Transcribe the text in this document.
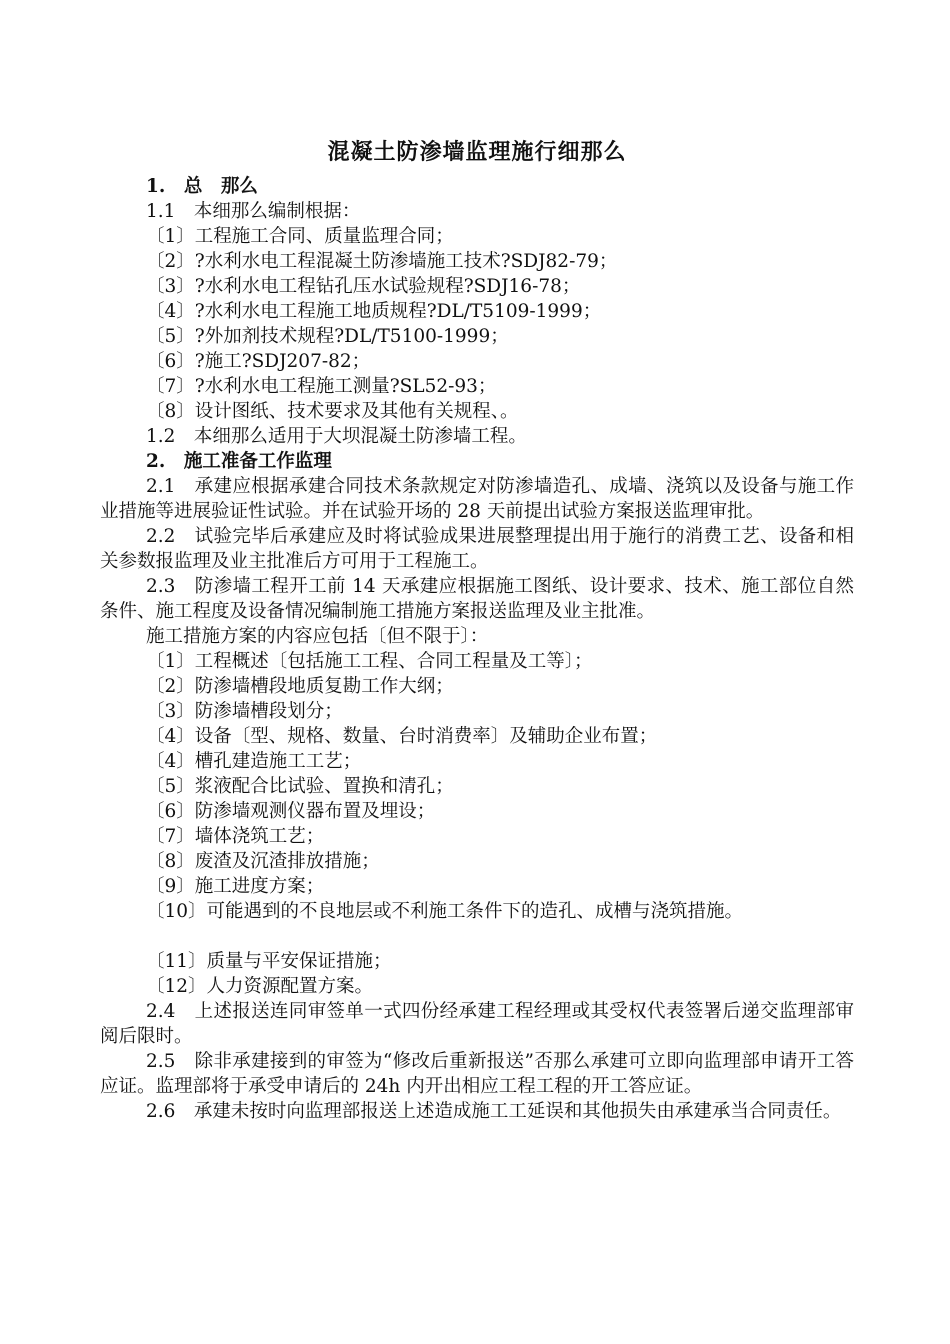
混凝土防渗墙监理施行细那么

1.　总　那么

1.1　本细那么编制根据：

〔1〕工程施工合同、质量监理合同；

〔2〕?水利水电工程混凝土防渗墙施工技术?SDJ82-79；

〔3〕?水利水电工程钻孔压水试验规程?SDJ16-78；

〔4〕?水利水电工程施工地质规程?DL/T5109-1999；

〔5〕?外加剂技术规程?DL/T5100-1999；

〔6〕?施工?SDJ207-82；

〔7〕?水利水电工程施工测量?SL52-93；

〔8〕设计图纸、技术要求及其他有关规程、。

1.2　本细那么适用于大坝混凝土防渗墙工程。

2.　施工准备工作监理

2.1　承建应根据承建合同技术条款规定对防渗墙造孔、成墙、浇筑以及设备与施工作业措施等进展验证性试验。并在试验开场的 28 天前提出试验方案报送监理审批。

2.2　试验完毕后承建应及时将试验成果进展整理提出用于施行的消费工艺、设备和相关参数报监理及业主批准后方可用于工程施工。

2.3　防渗墙工程开工前 14 天承建应根据施工图纸、设计要求、技术、施工部位自然条件、施工程度及设备情况编制施工措施方案报送监理及业主批准。

施工措施方案的内容应包括〔但不限于〕：

〔1〕工程概述〔包括施工工程、合同工程量及工等〕；

〔2〕防渗墙槽段地质复勘工作大纲；

〔3〕防渗墙槽段划分；

〔4〕设备〔型、规格、数量、台时消费率〕及辅助企业布置；

〔4〕槽孔建造施工工艺；

〔5〕浆液配合比试验、置换和清孔；

〔6〕防渗墙观测仪器布置及埋设；

〔7〕墙体浇筑工艺；

〔8〕废渣及沉渣排放措施；

〔9〕施工进度方案；

〔10〕可能遇到的不良地层或不利施工条件下的造孔、成槽与浇筑措施。

〔11〕质量与平安保证措施；

〔12〕人力资源配置方案。

2.4　上述报送连同审签单一式四份经承建工程经理或其受权代表签署后递交监理部审阅后限时。

2.5　除非承建接到的审签为“修改后重新报送”否那么承建可立即向监理部申请开工答应证。监理部将于承受申请后的 24h 内开出相应工程工程的开工答应证。

2.6　承建未按时向监理部报送上述造成施工工延误和其他损失由承建承当合同责任。
